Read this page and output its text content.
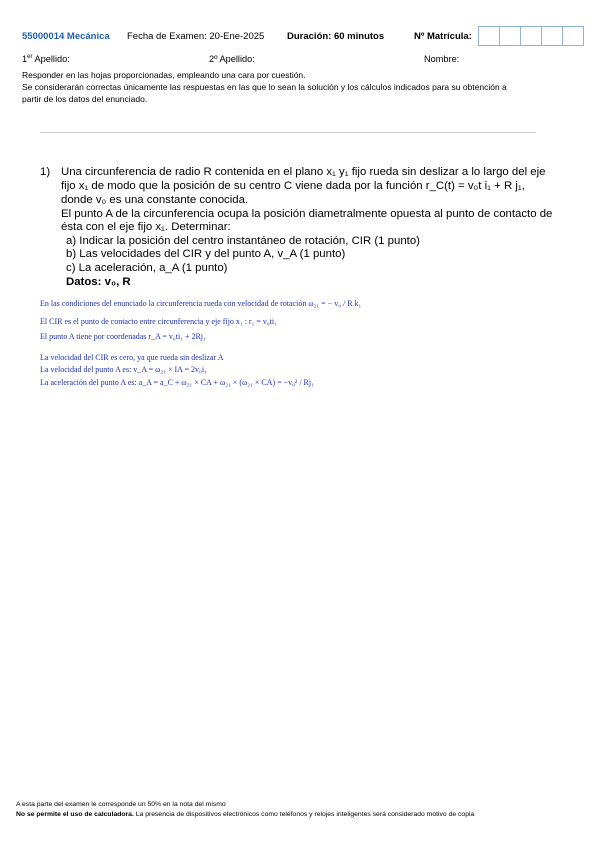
55000014 Mecánica Fecha de Examen: 20-Ene-2025 Duración: 60 minutos	Nº Matrícula:
1er Apellido:	2º Apellido:	Nombre:
Responder en las hojas proporcionadas, empleando una cara por cuestión.
Se considerarán correctas únicamente las respuestas en las que lo sean la solución y los cálculos indicados para su obtención a
partir de los datos del enunciado.
1) Una circunferencia de radio R contenida en el plano x₁ y₁ fijo rueda sin deslizar a lo largo del eje
fijo x₁ de modo que la posición de su centro C viene dada por la función r_C(t) = v₀t i₁ + R j₁,
donde v₀ es una constante conocida.
El punto A de la circunferencia ocupa la posición diametralmente opuesta al punto de contacto de
ésta con el eje fijo x₁. Determinar:
a) Indicar la posición del centro instantáneo de rotación, CIR (1 punto)
b) Las velocidades del CIR y del punto A, v_A (1 punto)
c) La aceleración, a_A (1 punto)
Datos: v₀, R
En las condiciones del enunciado la circunferencia rueda con velocidad de rotación ω₂₁ = − v₀ / R k₁
El CIR es el punto de contacto entre circunferencia y eje fijo x₁ : r₁ = v₀ti₁
El punto A tiene por coordenadas r_A = v₀ti₁ + 2Rj₁
La velocidad del CIR es cero, ya que rueda sin deslizar A
La velocidad del punto A es: v_A = ω₂₁ × IA = 2v₀i₁
La aceleración del punto A es: a_A = a_C + ω₂₁ × CA + ω₂₁ × (ω₂₁ × CA) = −v₀² / Rj₁
A esta parte del examen le corresponde un 50% en la nota del mismo
No se permite el uso de calculadora. La presencia de dispositivos electrónicos como teléfonos y relojes inteligentes será considerado motivo de copia
